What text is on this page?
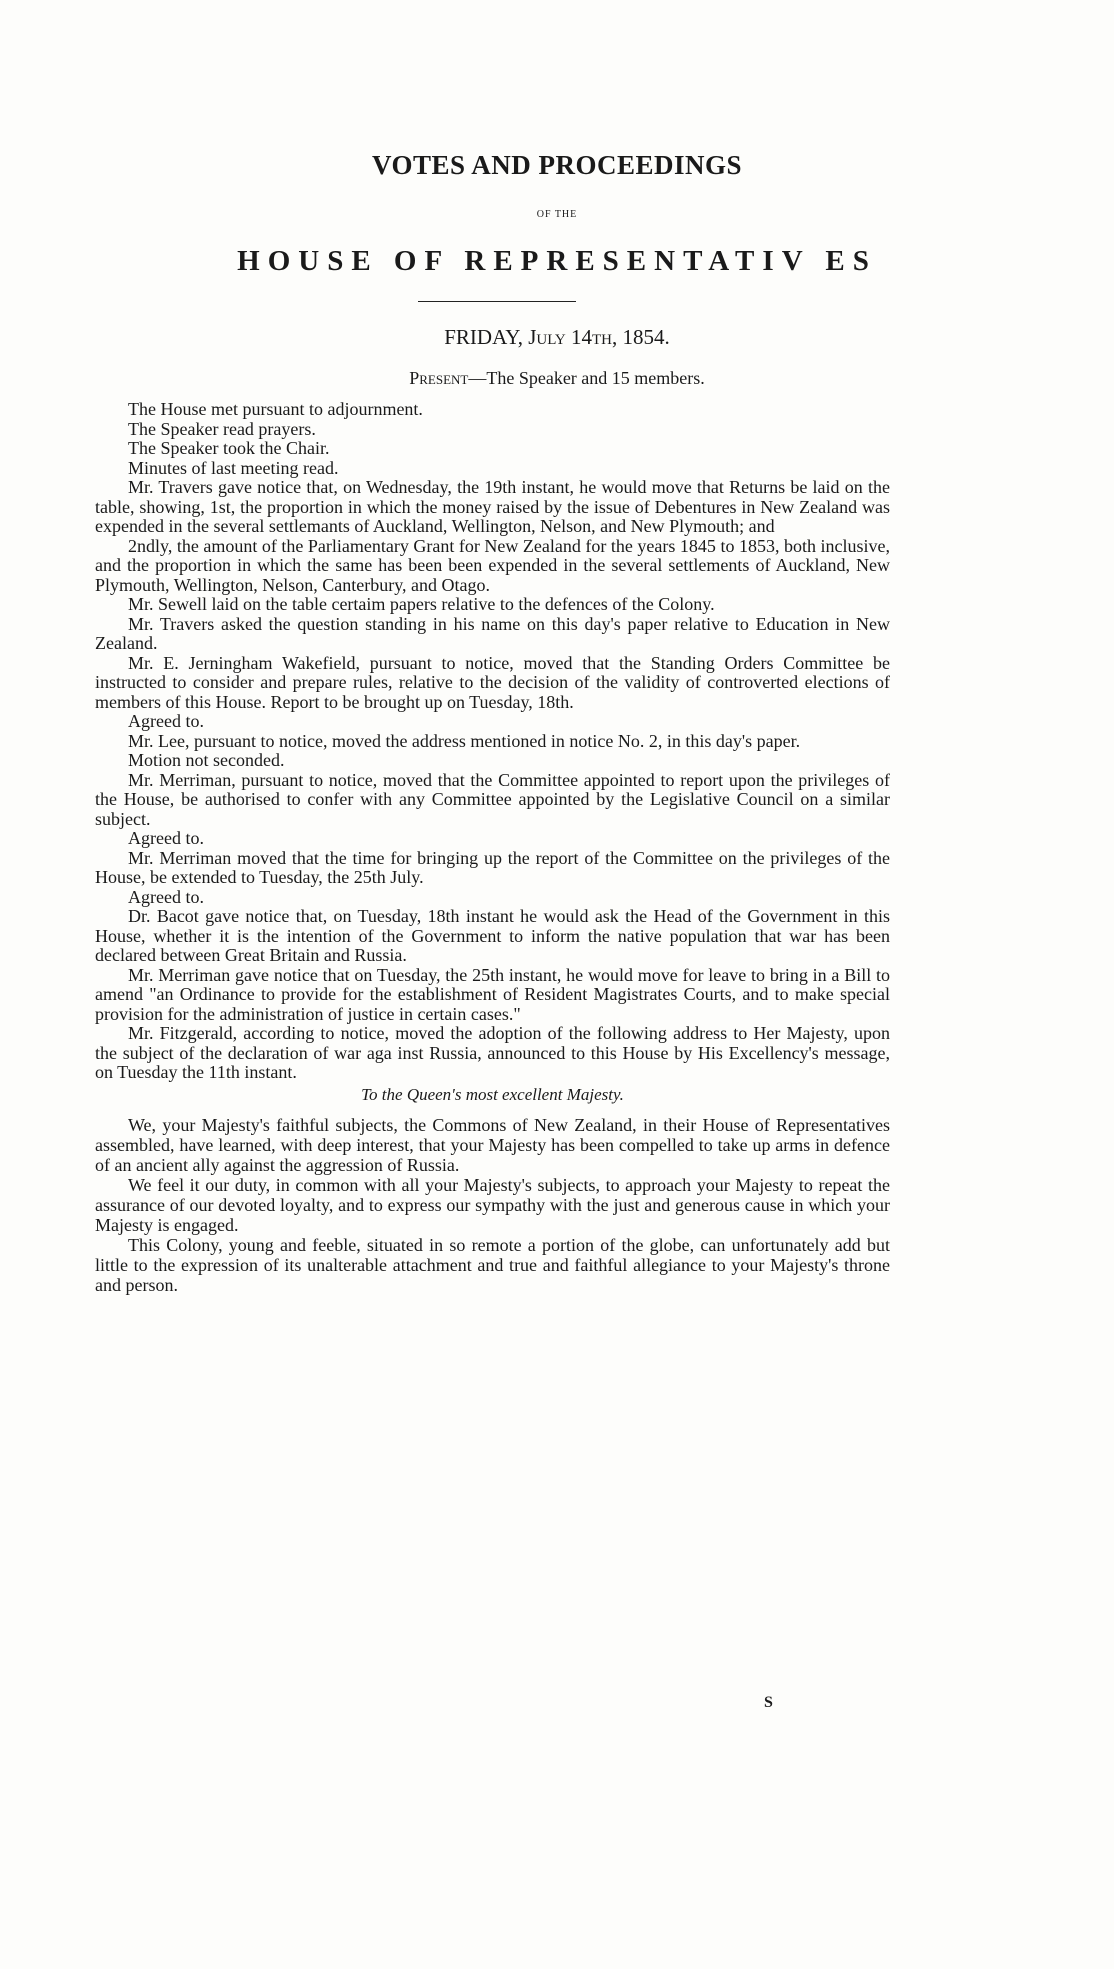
VOTES AND PROCEEDINGS
OF THE
HOUSE OF REPRESENTATIV ES
FRIDAY, July 14th, 1854.
Present—The Speaker and 15 members.

The House met pursuant to adjournment.

The Speaker read prayers.

The Speaker took the Chair.

Minutes of last meeting read.

Mr. Travers gave notice that, on Wednesday, the 19th instant, he would move that Returns be laid on the table, showing, 1st, the proportion in which the money raised by the issue of Debentures in New Zealand was expended in the several settlemants of Auckland, Wellington, Nelson, and New Plymouth; and

2ndly, the amount of the Parliamentary Grant for New Zealand for the years 1845 to 1853, both inclusive, and the proportion in which the same has been been expended in the several settlements of Auckland, New Plymouth, Wellington, Nelson, Canterbury, and Otago.

Mr. Sewell laid on the table certaim papers relative to the defences of the Colony.

Mr. Travers asked the question standing in his name on this day's paper relative to Education in New Zealand.

Mr. E. Jerningham Wakefield, pursuant to notice, moved that the Standing Orders Committee be instructed to consider and prepare rules, relative to the decision of the validity of controverted elections of members of this House. Report to be brought up on Tuesday, 18th.

Agreed to.

Mr. Lee, pursuant to notice, moved the address mentioned in notice No. 2, in this day's paper.

Motion not seconded.

Mr. Merriman, pursuant to notice, moved that the Committee appointed to report upon the privileges of the House, be authorised to confer with any Committee appointed by the Legislative Council on a similar subject.

Agreed to.

Mr. Merriman moved that the time for bringing up the report of the Committee on the privileges of the House, be extended to Tuesday, the 25th July.

Agreed to.

Dr. Bacot gave notice that, on Tuesday, 18th instant he would ask the Head of the Government in this House, whether it is the intention of the Government to inform the native population that war has been declared between Great Britain and Russia.

Mr. Merriman gave notice that on Tuesday, the 25th instant, he would move for leave to bring in a Bill to amend "an Ordinance to provide for the establishment of Resident Magistrates Courts, and to make special provision for the administration of justice in certain cases."

Mr. Fitzgerald, according to notice, moved the adoption of the following address to Her Majesty, upon the subject of the declaration of war aga inst Russia, announced to this House by His Excellency's message, on Tuesday the 11th instant.

To the Queen's most excellent Majesty.

We, your Majesty's faithful subjects, the Commons of New Zealand, in their House of Representatives assembled, have learned, with deep interest, that your Majesty has been compelled to take up arms in defence of an ancient ally against the aggression of Russia.

We feel it our duty, in common with all your Majesty's subjects, to approach your Majesty to repeat the assurance of our devoted loyalty, and to express our sympathy with the just and generous cause in which your Majesty is engaged.

This Colony, young and feeble, situated in so remote a portion of the globe, can unfortunately add but little to the expression of its unalterable attachment and true and faithful allegiance to your Majesty's throne and person.

S
